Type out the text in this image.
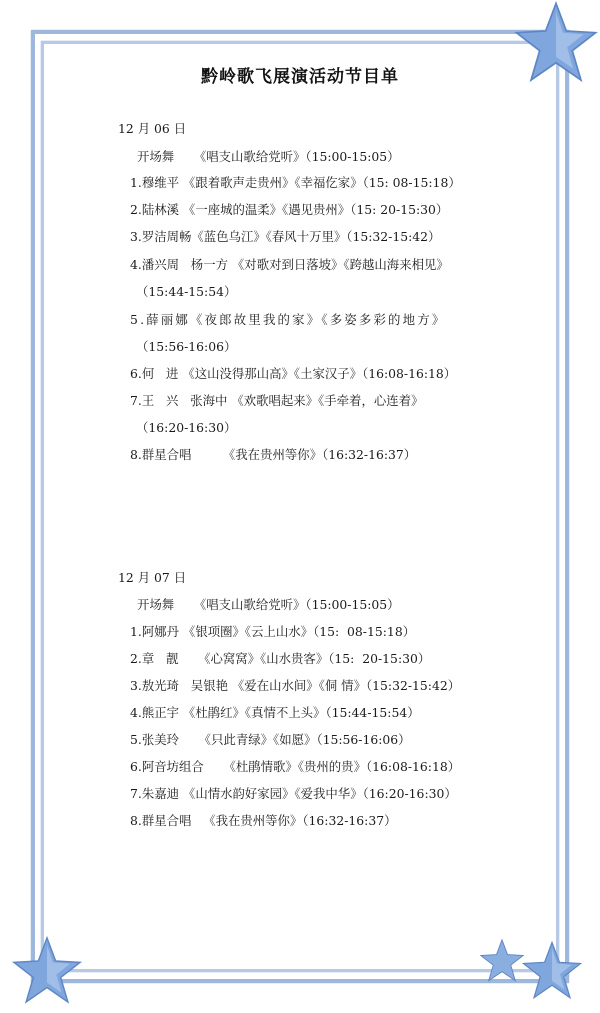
黔岭歌飞展演活动节目单
12 月 06 日
开场舞     《唱支山歌给党听》（15:00-15:05）
1.穆维平 《跟着歌声走贵州》《幸福仡家》（15: 08-15:18）
2.陆林溪 《一座城的温柔》《遇见贵州》（15: 20-15:30）
3.罗洁周畅《蓝色乌江》《春风十万里》（15:32-15:42）
4.潘兴周   杨一方 《对歌对到日落坡》《跨越山海来相见》
（15:44-15:54）
5.薛丽娜《夜郎故里我的家》《多姿多彩的地方》
（15:56-16:06）
6.何   进 《这山没得那山高》《土家汉子》（16:08-16:18）
7.王   兴   张海中 《欢歌唱起来》《手牵着，心连着》
（16:20-16:30）
8.群星合唱        《我在贵州等你》（16:32-16:37）
12 月 07 日
开场舞     《唱支山歌给党听》（15:00-15:05）
1.阿娜丹 《银项圈》《云上山水》（15:  08-15:18）
2.章   靓     《心窝窝》《山水贵客》（15:  20-15:30）
3.敖光琦   吴银艳 《爱在山水间》《侗 情》（15:32-15:42）
4.熊正宇 《杜鹃红》《真情不上头》（15:44-15:54）
5.张美玲     《只此青绿》《如愿》（15:56-16:06）
6.阿音坊组合     《杜鹃情歌》《贵州的贵》（16:08-16:18）
7.朱嘉迪 《山情水韵好家园》《爱我中华》（16:20-16:30）
8.群星合唱   《我在贵州等你》（16:32-16:37）
